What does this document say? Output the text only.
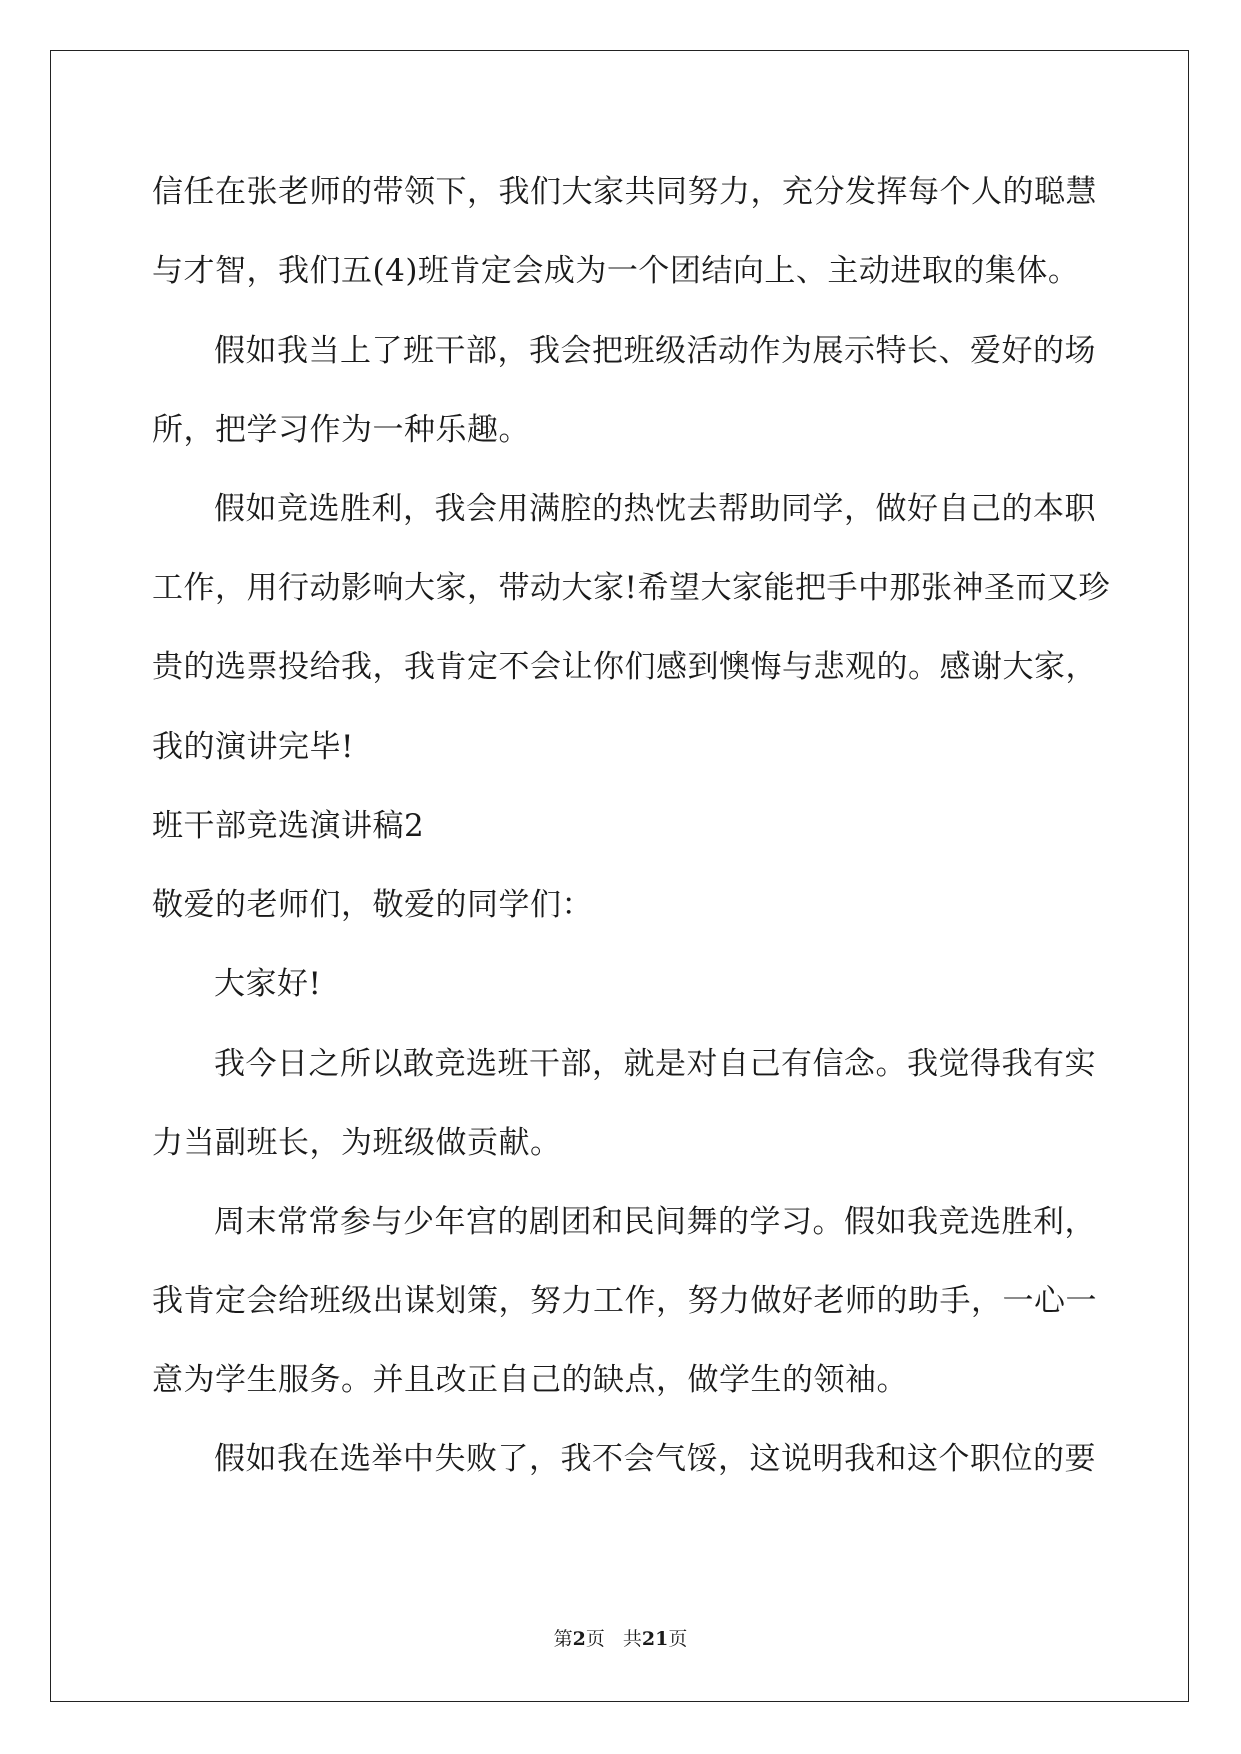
信任在张老师的带领下，我们大家共同努力，充分发挥每个人的聪慧
与才智，我们五(4)班肯定会成为一个团结向上、主动进取的集体。
假如我当上了班干部，我会把班级活动作为展示特长、爱好的场
所，把学习作为一种乐趣。
假如竞选胜利，我会用满腔的热忱去帮助同学，做好自己的本职
工作，用行动影响大家，带动大家!希望大家能把手中那张神圣而又珍
贵的选票投给我，我肯定不会让你们感到懊悔与悲观的。感谢大家，
我的演讲完毕!
班干部竞选演讲稿2
敬爱的老师们，敬爱的同学们：
大家好!
我今日之所以敢竞选班干部，就是对自己有信念。我觉得我有实
力当副班长，为班级做贡献。
周末常常参与少年宫的剧团和民间舞的学习。假如我竞选胜利，
我肯定会给班级出谋划策，努力工作，努力做好老师的助手，一心一
意为学生服务。并且改正自己的缺点，做学生的领袖。
假如我在选举中失败了，我不会气馁，这说明我和这个职位的要
第2页 共21页
